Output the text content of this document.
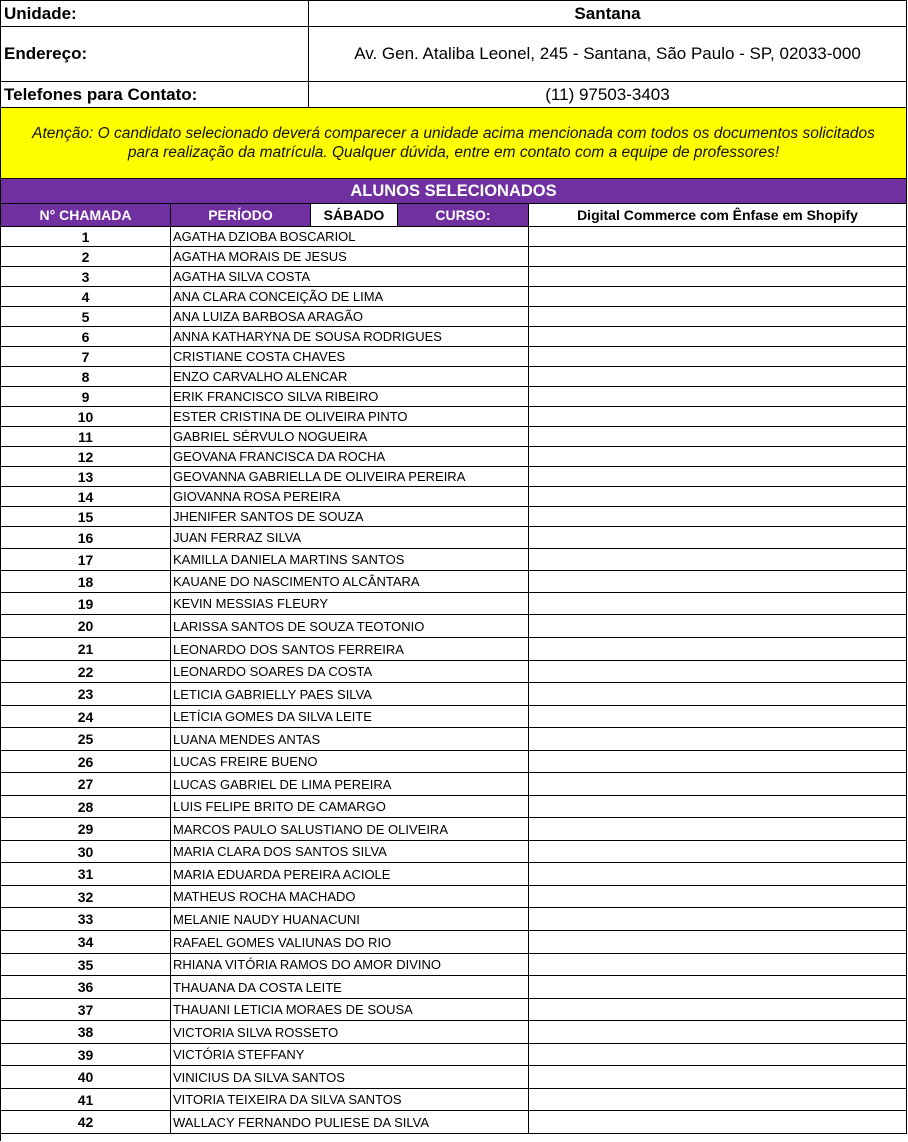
Unidade:	Santana
Endereço:	Av. Gen. Ataliba Leonel, 245 - Santana, São Paulo - SP, 02033-000
Telefones para Contato:	(11) 97503-3403
Atenção: O candidato selecionado deverá comparecer a unidade acima mencionada com todos os documentos solicitados para realização da matrícula. Qualquer dúvida, entre em contato com a equipe de professores!
ALUNOS SELECIONADOS
N° CHAMADA	PERÍODO	SÁBADO	CURSO:	Digital Commerce com Ênfase em Shopify
1	AGATHA DZIOBA BOSCARIOL
2	AGATHA MORAIS DE JESUS
3	AGATHA SILVA COSTA
4	ANA CLARA CONCEIÇÃO DE LIMA
5	ANA LUIZA BARBOSA ARAGÃO
6	ANNA KATHARYNA DE SOUSA RODRIGUES
7	CRISTIANE COSTA CHAVES
8	ENZO CARVALHO ALENCAR
9	ERIK FRANCISCO SILVA RIBEIRO
10	ESTER CRISTINA DE OLIVEIRA PINTO
11	GABRIEL SÉRVULO NOGUEIRA
12	GEOVANA FRANCISCA DA ROCHA
13	GEOVANNA GABRIELLA DE OLIVEIRA PEREIRA
14	GIOVANNA ROSA PEREIRA
15	JHENIFER SANTOS DE SOUZA
16	JUAN FERRAZ SILVA
17	KAMILLA DANIELA MARTINS SANTOS
18	KAUANE DO NASCIMENTO ALCÂNTARA
19	KEVIN MESSIAS FLEURY
20	LARISSA SANTOS DE SOUZA TEOTONIO
21	LEONARDO DOS SANTOS FERREIRA
22	LEONARDO SOARES DA COSTA
23	LETICIA GABRIELLY PAES SILVA
24	LETÍCIA GOMES DA SILVA LEITE
25	LUANA MENDES ANTAS
26	LUCAS FREIRE BUENO
27	LUCAS GABRIEL DE LIMA PEREIRA
28	LUIS FELIPE BRITO DE CAMARGO
29	MARCOS PAULO SALUSTIANO DE OLIVEIRA
30	MARIA CLARA DOS SANTOS SILVA
31	MARIA EDUARDA PEREIRA ACIOLE
32	MATHEUS ROCHA MACHADO
33	MELANIE NAUDY HUANACUNI
34	RAFAEL GOMES VALIUNAS DO RIO
35	RHIANA VITÓRIA RAMOS DO AMOR DIVINO
36	THAUANA DA COSTA LEITE
37	THAUANI LETICIA MORAES DE SOUSA
38	VICTORIA SILVA ROSSETO
39	VICTÓRIA STEFFANY
40	VINICIUS DA SILVA SANTOS
41	VITORIA TEIXEIRA DA SILVA SANTOS
42	WALLACY FERNANDO PULIESE DA SILVA
